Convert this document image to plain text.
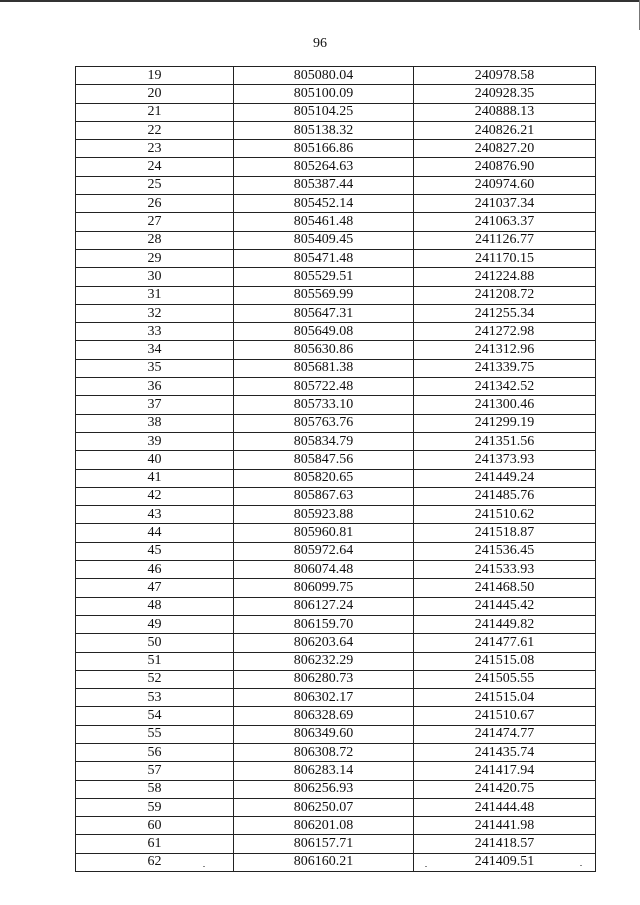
96
19	805080.04	240978.58
20	805100.09	240928.35
21	805104.25	240888.13
22	805138.32	240826.21
23	805166.86	240827.20
24	805264.63	240876.90
25	805387.44	240974.60
26	805452.14	241037.34
27	805461.48	241063.37
28	805409.45	241126.77
29	805471.48	241170.15
30	805529.51	241224.88
31	805569.99	241208.72
32	805647.31	241255.34
33	805649.08	241272.98
34	805630.86	241312.96
35	805681.38	241339.75
36	805722.48	241342.52
37	805733.10	241300.46
38	805763.76	241299.19
39	805834.79	241351.56
40	805847.56	241373.93
41	805820.65	241449.24
42	805867.63	241485.76
43	805923.88	241510.62
44	805960.81	241518.87
45	805972.64	241536.45
46	806074.48	241533.93
47	806099.75	241468.50
48	806127.24	241445.42
49	806159.70	241449.82
50	806203.64	241477.61
51	806232.29	241515.08
52	806280.73	241505.55
53	806302.17	241515.04
54	806328.69	241510.67
55	806349.60	241474.77
56	806308.72	241435.74
57	806283.14	241417.94
58	806256.93	241420.75
59	806250.07	241444.48
60	806201.08	241441.98
61	806157.71	241418.57
62	806160.21	241409.51
